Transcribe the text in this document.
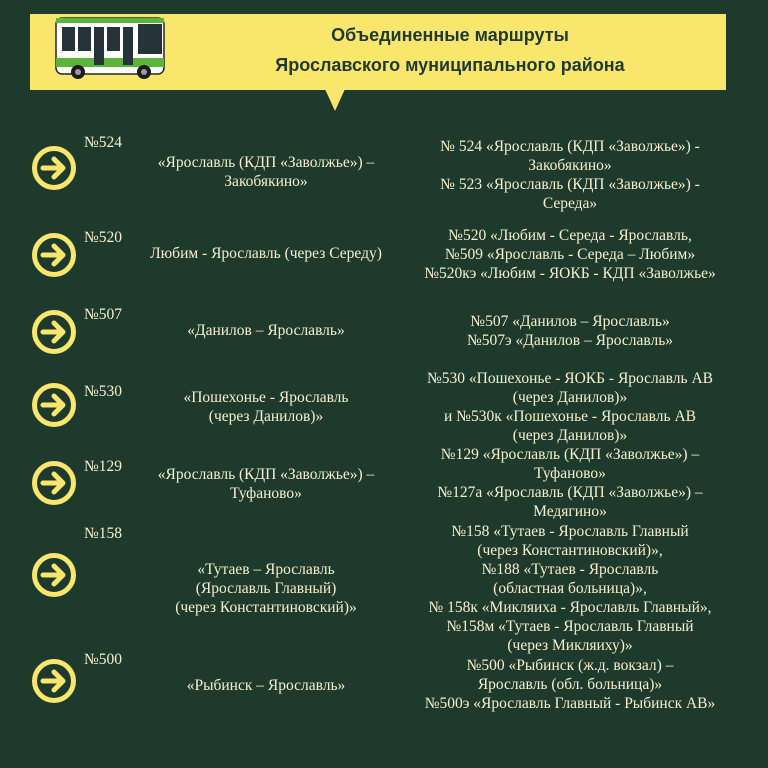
Объединенные маршруты
Ярославского муниципального района
№524
«Ярославль (КДП «Заволжье») –
Закобякино»
№ 524 «Ярославль (КДП «Заволжье») -
Закобякино»
№ 523 «Ярославль (КДП «Заволжье») -
Середа»
№520
Любим - Ярославль (через Середу)
№520 «Любим - Середа - Ярославль,
№509 «Ярославль - Середа – Любим»
№520кэ «Любим - ЯОКБ - КДП «Заволжье»
№507
«Данилов – Ярославль»
№507 «Данилов – Ярославль»
№507э «Данилов – Ярославль»
№530	«Пошехонье - Ярославль
(через Данилов)»
№530 «Пошехонье - ЯОКБ - Ярославль АВ
(через Данилов)»
и №530к «Пошехонье - Ярославль АВ
(через Данилов)»
№129	«Ярославль (КДП «Заволжье») –
Туфаново»
№129 «Ярославль (КДП «Заволжье») –
Туфаново»
№127а «Ярославль (КДП «Заволжье») –
Медягино»
№158
«Тутаев – Ярославль
(Ярославль Главный)
(через Константиновский)»
№158 «Тутаев - Ярославль Главный
(через Константиновский)»,
№188 «Тутаев - Ярославль
(областная больница)»,
№ 158к «Микляиха - Ярославль Главный»,
№158м «Тутаев - Ярославль Главный
(через Микляиху)»
№500
«Рыбинск – Ярославль»
№500 «Рыбинск (ж.д. вокзал) –
Ярославль (обл. больница)»
№500э «Ярославль Главный - Рыбинск АВ»
